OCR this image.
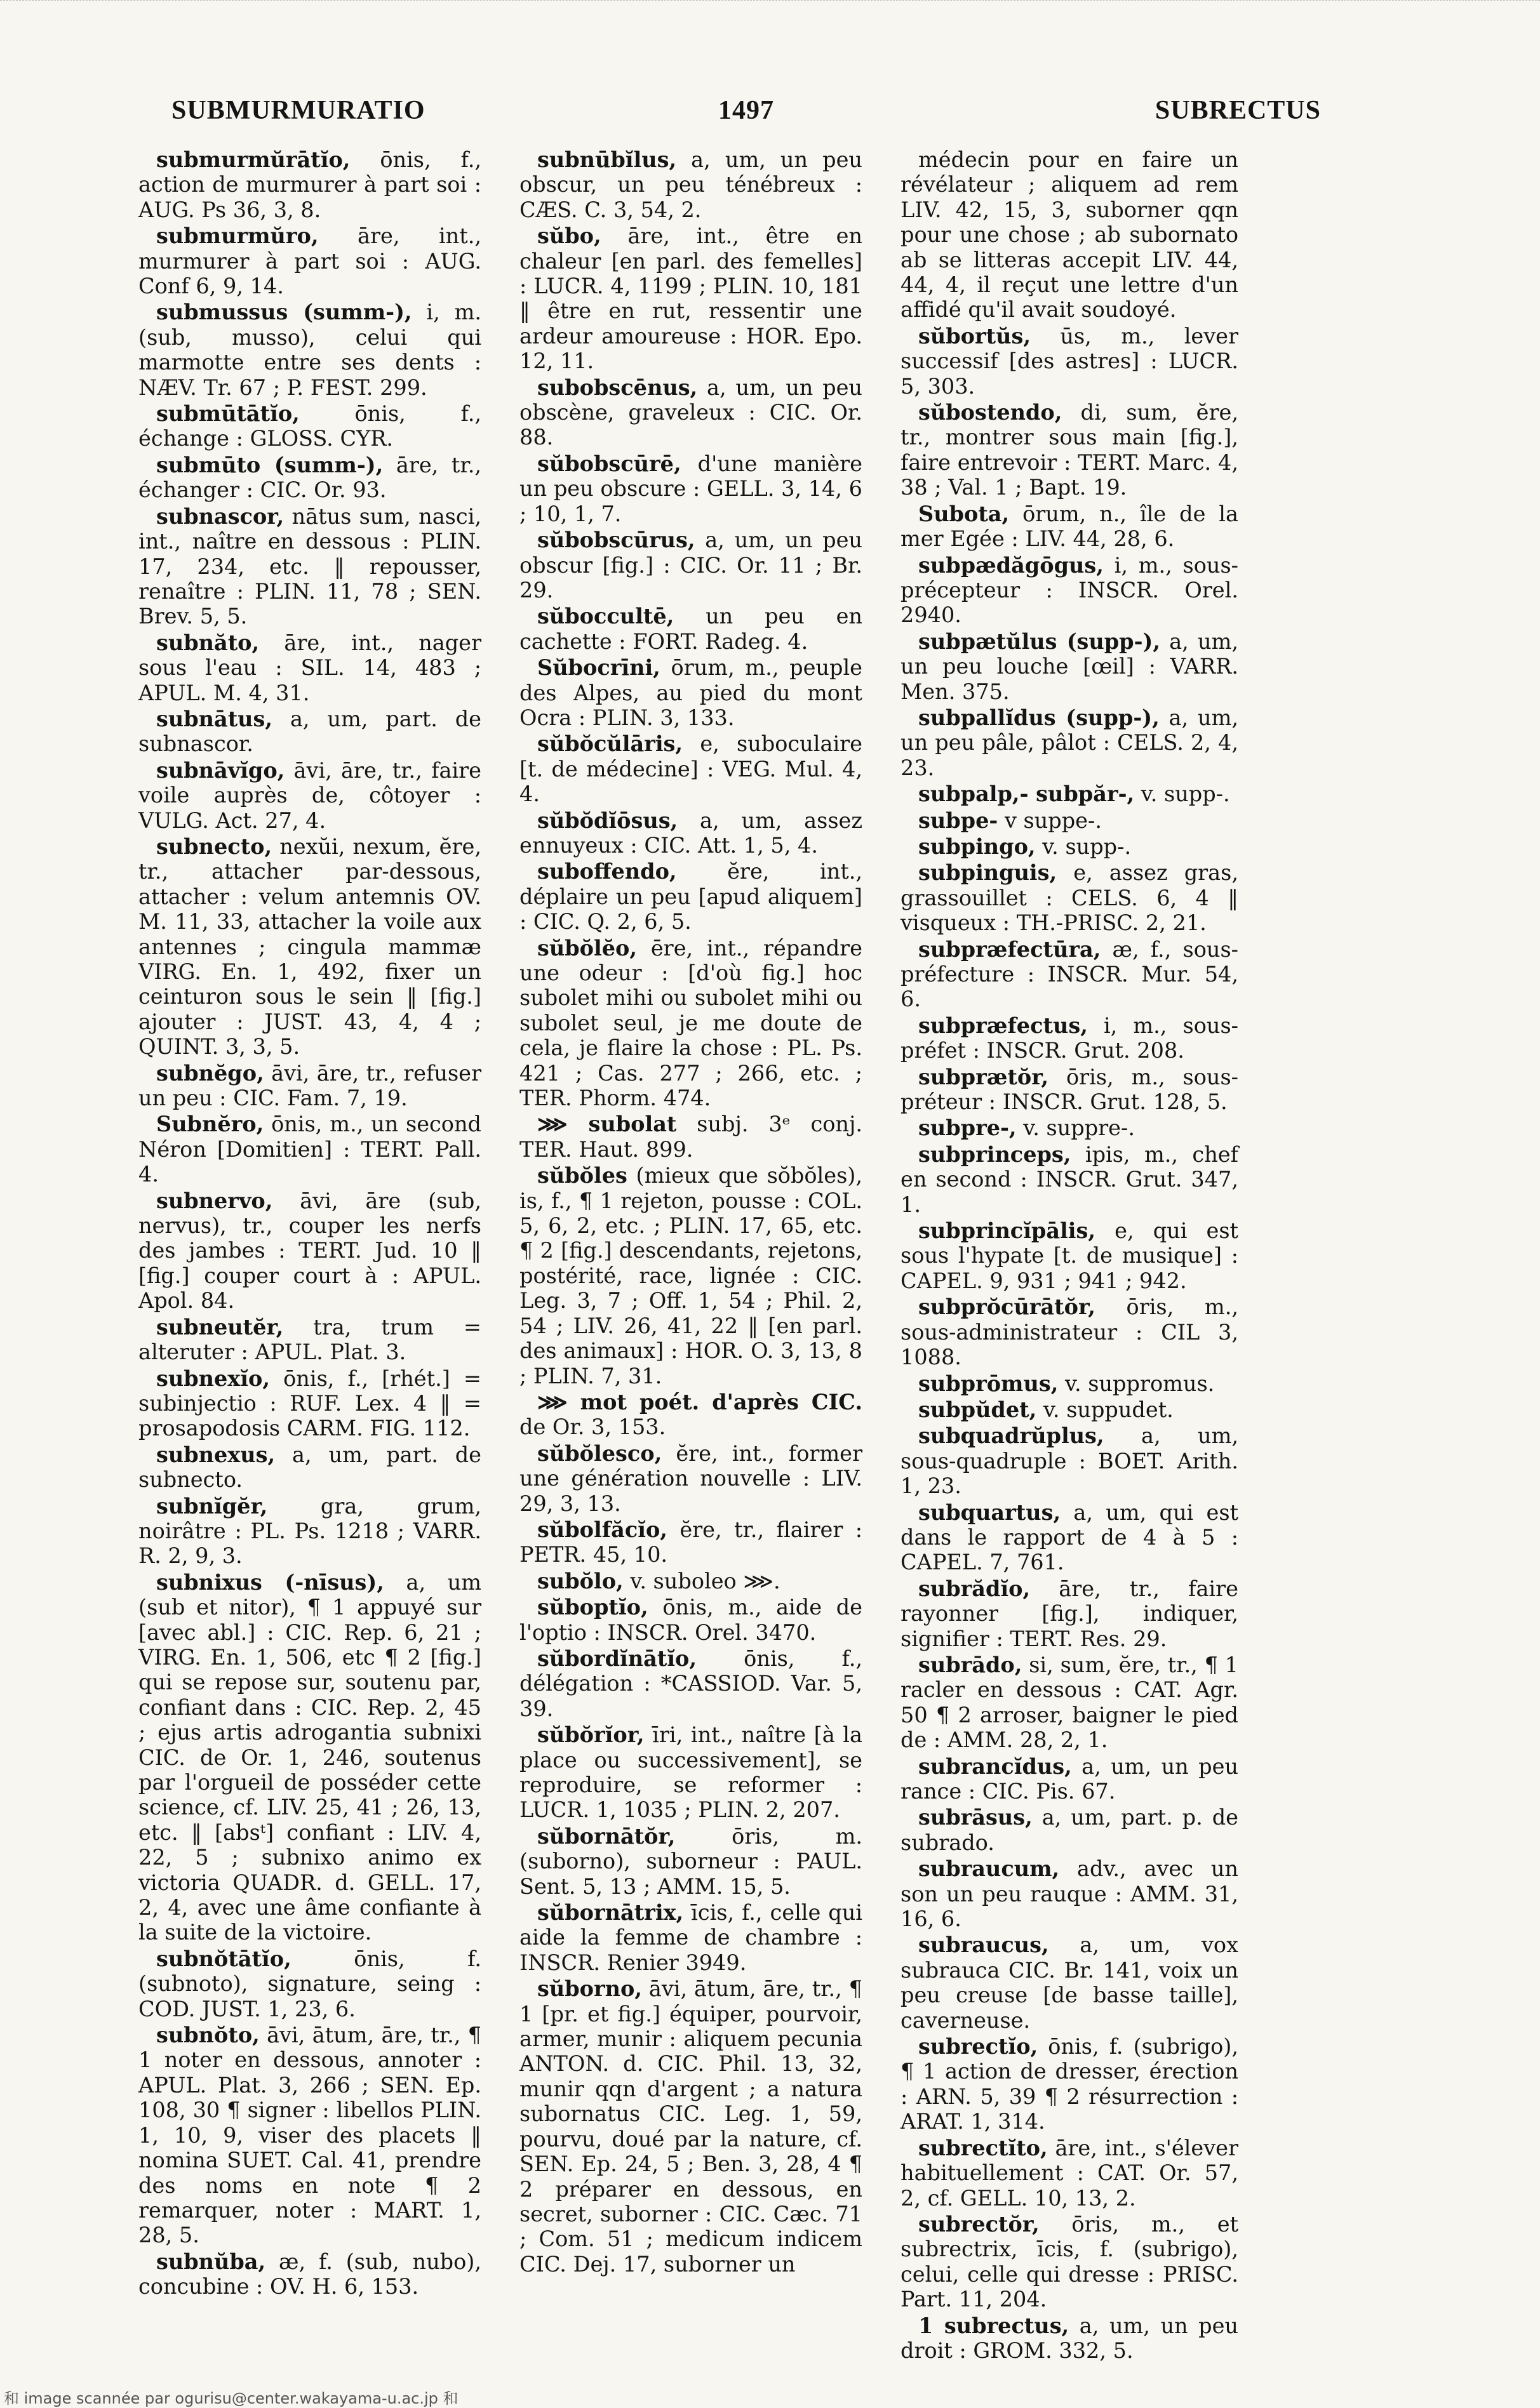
SUBMURMURATIO	1497	SUBRECTUS

submurmŭrātĭo, ōnis, f., action de murmurer à part soi : AUG. Ps 36, 3, 8.

submurmŭro, āre, int., murmurer à part soi : AUG. Conf 6, 9, 14.

submussus (summ-), i, m. (sub, musso), celui qui marmotte entre ses dents : NÆV. Tr. 67 ; P. FEST. 299.

submūtātĭo, ōnis, f., échange : GLOSS. CYR.

submūto (summ-), āre, tr., échanger : CIC. Or. 93.

subnascor, nātus sum, nasci, int., naître en dessous : PLIN. 17, 234, etc. ‖ repousser, renaître : PLIN. 11, 78 ; SEN. Brev. 5, 5.

subnăto, āre, int., nager sous l'eau : SIL. 14, 483 ; APUL. M. 4, 31.

subnātus, a, um, part. de subnascor.

subnāvĭgo, āvi, āre, tr., faire voile auprès de, côtoyer : VULG. Act. 27, 4.

subnecto, nexŭi, nexum, ĕre, tr., attacher par-dessous, attacher : velum antemnis OV. M. 11, 33, attacher la voile aux antennes ; cingula mammæ VIRG. En. 1, 492, fixer un ceinturon sous le sein ‖ [fig.] ajouter : JUST. 43, 4, 4 ; QUINT. 3, 3, 5.

subnĕgo, āvi, āre, tr., refuser un peu : CIC. Fam. 7, 19.

Subnĕro, ōnis, m., un second Néron [Domitien] : TERT. Pall. 4.

subnervo, āvi, āre (sub, nervus), tr., couper les nerfs des jambes : TERT. Jud. 10 ‖ [fig.] couper court à : APUL. Apol. 84.

subneutĕr, tra, trum = alteruter : APUL. Plat. 3.

subnexĭo, ōnis, f., [rhét.] = subinjectio : RUF. Lex. 4 ‖ = prosapodosis CARM. FIG. 112.

subnexus, a, um, part. de subnecto.

subnĭgĕr, gra, grum, noirâtre : PL. Ps. 1218 ; VARR. R. 2, 9, 3.

subnixus (-nīsus), a, um (sub et nitor), ¶ 1 appuyé sur [avec abl.] : CIC. Rep. 6, 21 ; VIRG. En. 1, 506, etc ¶ 2 [fig.] qui se repose sur, soutenu par, confiant dans : CIC. Rep. 2, 45 ; ejus artis adrogantia subnixi CIC. de Or. 1, 246, soutenus par l'orgueil de posséder cette science, cf. LIV. 25, 41 ; 26, 13, etc. ‖ [absᵗ] confiant : LIV. 4, 22, 5 ; subnixo animo ex victoria QUADR. d. GELL. 17, 2, 4, avec une âme confiante à la suite de la victoire.

subnŏtātĭo, ōnis, f. (subnoto), signature, seing : COD. JUST. 1, 23, 6.

subnŏto, āvi, ātum, āre, tr., ¶ 1 noter en dessous, annoter : APUL. Plat. 3, 266 ; SEN. Ep. 108, 30 ¶ signer : libellos PLIN. 1, 10, 9, viser des placets ‖ nomina SUET. Cal. 41, prendre des noms en note ¶ 2 remarquer, noter : MART. 1, 28, 5.

subnŭba, æ, f. (sub, nubo), concubine : OV. H. 6, 153.

subnūbĭlus, a, um, un peu obscur, un peu ténébreux : CÆS. C. 3, 54, 2.

sŭbo, āre, int., être en chaleur [en parl. des femelles] : LUCR. 4, 1199 ; PLIN. 10, 181 ‖ être en rut, ressentir une ardeur amoureuse : HOR. Epo. 12, 11.

subobscēnus, a, um, un peu obscène, graveleux : CIC. Or. 88.

sŭbobscūrē, d'une manière un peu obscure : GELL. 3, 14, 6 ; 10, 1, 7.

sŭbobscūrus, a, um, un peu obscur [fig.] : CIC. Or. 11 ; Br. 29.

sŭboccultē, un peu en cachette : FORT. Radeg. 4.

Sŭbocrīni, ōrum, m., peuple des Alpes, au pied du mont Ocra : PLIN. 3, 133.

sŭbŏcŭlāris, e, suboculaire [t. de médecine] : VEG. Mul. 4, 4.

sŭbŏdĭōsus, a, um, assez ennuyeux : CIC. Att. 1, 5, 4.

suboffendo, ĕre, int., déplaire un peu [apud aliquem] : CIC. Q. 2, 6, 5.

sŭbŏlĕo, ēre, int., répandre une odeur : [d'où fig.] hoc subolet mihi ou subolet mihi ou subolet seul, je me doute de cela, je flaire la chose : PL. Ps. 421 ; Cas. 277 ; 266, etc. ; TER. Phorm. 474.

⋙ subolat subj. 3ᵉ conj. TER. Haut. 899.

sŭbŏles (mieux que sŏbŏles), is, f., ¶ 1 rejeton, pousse : COL. 5, 6, 2, etc. ; PLIN. 17, 65, etc. ¶ 2 [fig.] descendants, rejetons, postérité, race, lignée : CIC. Leg. 3, 7 ; Off. 1, 54 ; Phil. 2, 54 ; LIV. 26, 41, 22 ‖ [en parl. des animaux] : HOR. O. 3, 13, 8 ; PLIN. 7, 31.

⋙ mot poét. d'après CIC. de Or. 3, 153.

sŭbŏlesco, ĕre, int., former une génération nouvelle : LIV. 29, 3, 13.

sŭbolfăcĭo, ĕre, tr., flairer : PETR. 45, 10.

subŏlo, v. suboleo ⋙.

sŭboptĭo, ōnis, m., aide de l'optio : INSCR. Orel. 3470.

sŭbordĭnātĭo, ōnis, f., délégation : *CASSIOD. Var. 5, 39.

sŭbŏrĭor, īri, int., naître [à la place ou successivement], se reproduire, se reformer : LUCR. 1, 1035 ; PLIN. 2, 207.

sŭbornātŏr, ōris, m. (suborno), suborneur : PAUL. Sent. 5, 13 ; AMM. 15, 5.

sŭbornātrix, īcis, f., celle qui aide la femme de chambre : INSCR. Renier 3949.

sŭborno, āvi, ātum, āre, tr., ¶ 1 [pr. et fig.] équiper, pourvoir, armer, munir : aliquem pecunia ANTON. d. CIC. Phil. 13, 32, munir qqn d'argent ; a natura subornatus CIC. Leg. 1, 59, pourvu, doué par la nature, cf. SEN. Ep. 24, 5 ; Ben. 3, 28, 4 ¶ 2 préparer en dessous, en secret, suborner : CIC. Cæc. 71 ; Com. 51 ; medicum indicem CIC. Dej. 17, suborner un

médecin pour en faire un révélateur ; aliquem ad rem LIV. 42, 15, 3, suborner qqn pour une chose ; ab subornato ab se litteras accepit LIV. 44, 44, 4, il reçut une lettre d'un affidé qu'il avait soudoyé.

sŭbortŭs, ūs, m., lever successif [des astres] : LUCR. 5, 303.

sŭbostendo, di, sum, ĕre, tr., montrer sous main [fig.], faire entrevoir : TERT. Marc. 4, 38 ; Val. 1 ; Bapt. 19.

Subota, ōrum, n., île de la mer Egée : LIV. 44, 28, 6.

subpædăgōgus, i, m., sous-précepteur : INSCR. Orel. 2940.

subpætŭlus (supp-), a, um, un peu louche [œil] : VARR. Men. 375.

subpallĭdus (supp-), a, um, un peu pâle, pâlot : CELS. 2, 4, 23.

subpalp,- subpăr-, v. supp-.

subpe- v suppe-.

subpingo, v. supp-.

subpinguis, e, assez gras, grassouillet : CELS. 6, 4 ‖ visqueux : TH.-PRISC. 2, 21.

subpræfectūra, æ, f., sous-préfecture : INSCR. Mur. 54, 6.

subpræfectus, i, m., sous-préfet : INSCR. Grut. 208.

subprætŏr, ōris, m., sous-préteur : INSCR. Grut. 128, 5.

subpre-, v. suppre-.

subprinceps, ipis, m., chef en second : INSCR. Grut. 347, 1.

subprincĭpālis, e, qui est sous l'hypate [t. de musique] : CAPEL. 9, 931 ; 941 ; 942.

subprŏcūrātŏr, ōris, m., sous-administrateur : CIL 3, 1088.

subprōmus, v. suppromus.

subpŭdet, v. suppudet.

subquadrŭplus, a, um, sous-quadruple : BOET. Arith. 1, 23.

subquartus, a, um, qui est dans le rapport de 4 à 5 : CAPEL. 7, 761.

subrădĭo, āre, tr., faire rayonner [fig.], indiquer, signifier : TERT. Res. 29.

subrādo, si, sum, ĕre, tr., ¶ 1 racler en dessous : CAT. Agr. 50 ¶ 2 arroser, baigner le pied de : AMM. 28, 2, 1.

subrancĭdus, a, um, un peu rance : CIC. Pis. 67.

subrāsus, a, um, part. p. de subrado.

subraucum, adv., avec un son un peu rauque : AMM. 31, 16, 6.

subraucus, a, um, vox subrauca CIC. Br. 141, voix un peu creuse [de basse taille], caverneuse.

subrectĭo, ōnis, f. (subrigo), ¶ 1 action de dresser, érection : ARN. 5, 39 ¶ 2 résurrection : ARAT. 1, 314.

subrectĭto, āre, int., s'élever habituellement : CAT. Or. 57, 2, cf. GELL. 10, 13, 2.

subrectŏr, ōris, m., et subrectrix, īcis, f. (subrigo), celui, celle qui dresse : PRISC. Part. 11, 204.

1 subrectus, a, um, un peu droit : GROM. 332, 5.

和 image scannée par ogurisu@center.wakayama-u.ac.jp 和
